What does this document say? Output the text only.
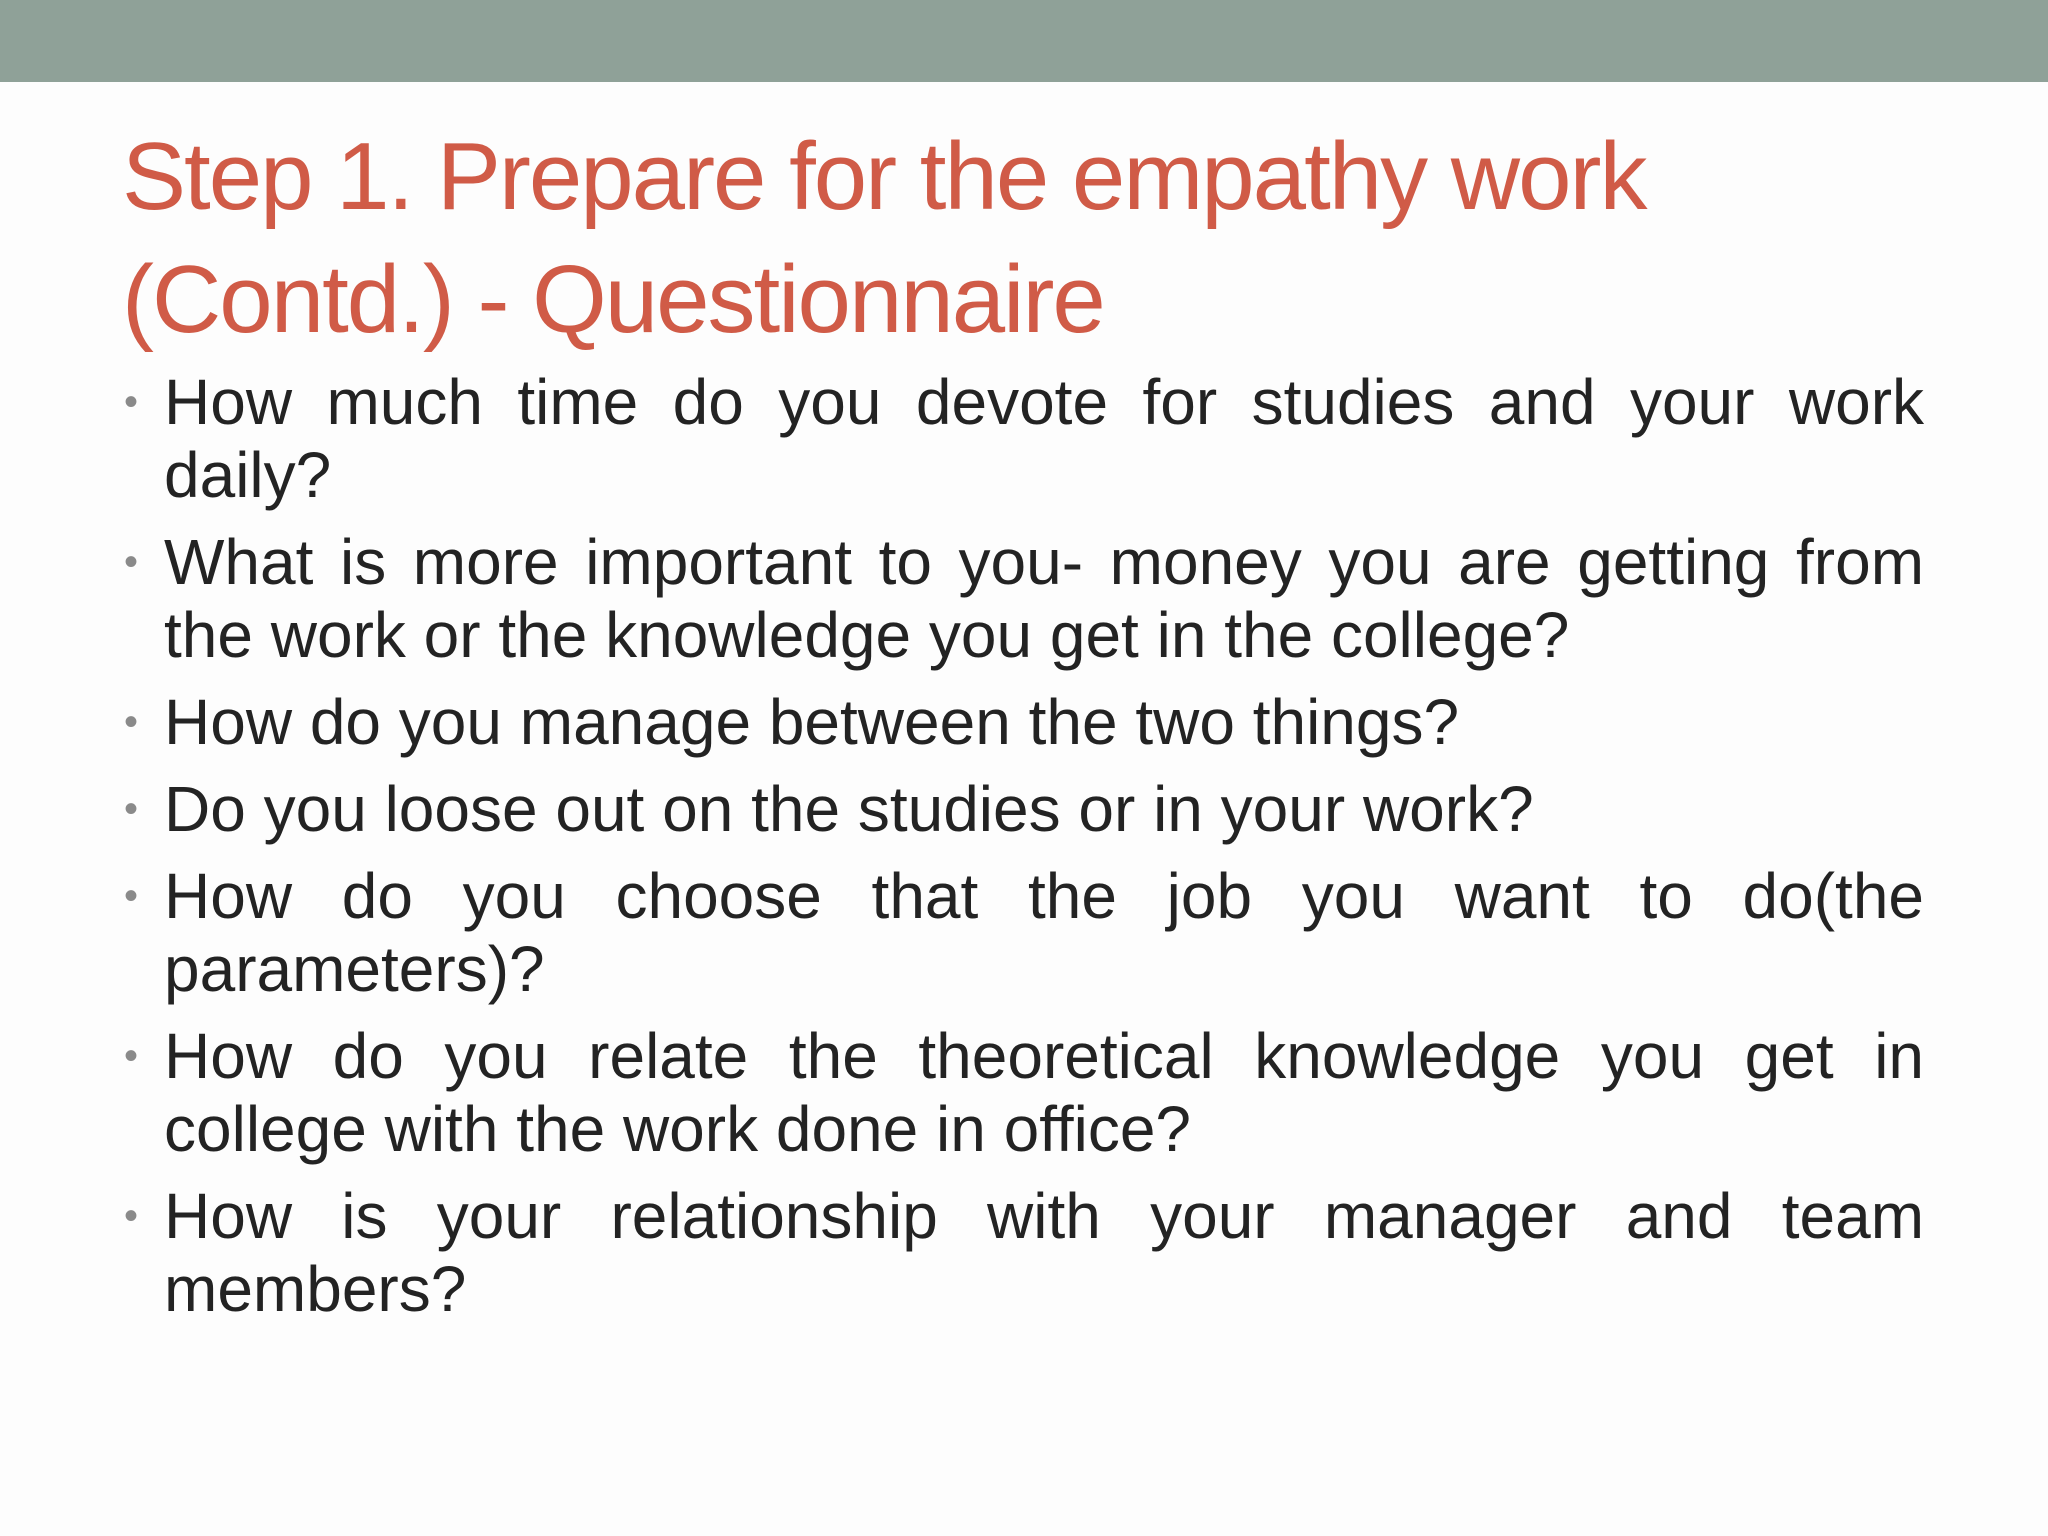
Step 1. Prepare for the empathy work
(Contd.) - Questionnaire
• How much time do you devote for studies and your work daily?
• What is more important to you- money you are getting from the work or the knowledge you get in the college?
• How do you manage between the two things?
• Do you loose out on the studies or in your work?
• How do you choose that the job you want to do(the parameters)?
• How do you relate the theoretical knowledge you get in college with the work done in office?
• How is your relationship with your manager and team members?
